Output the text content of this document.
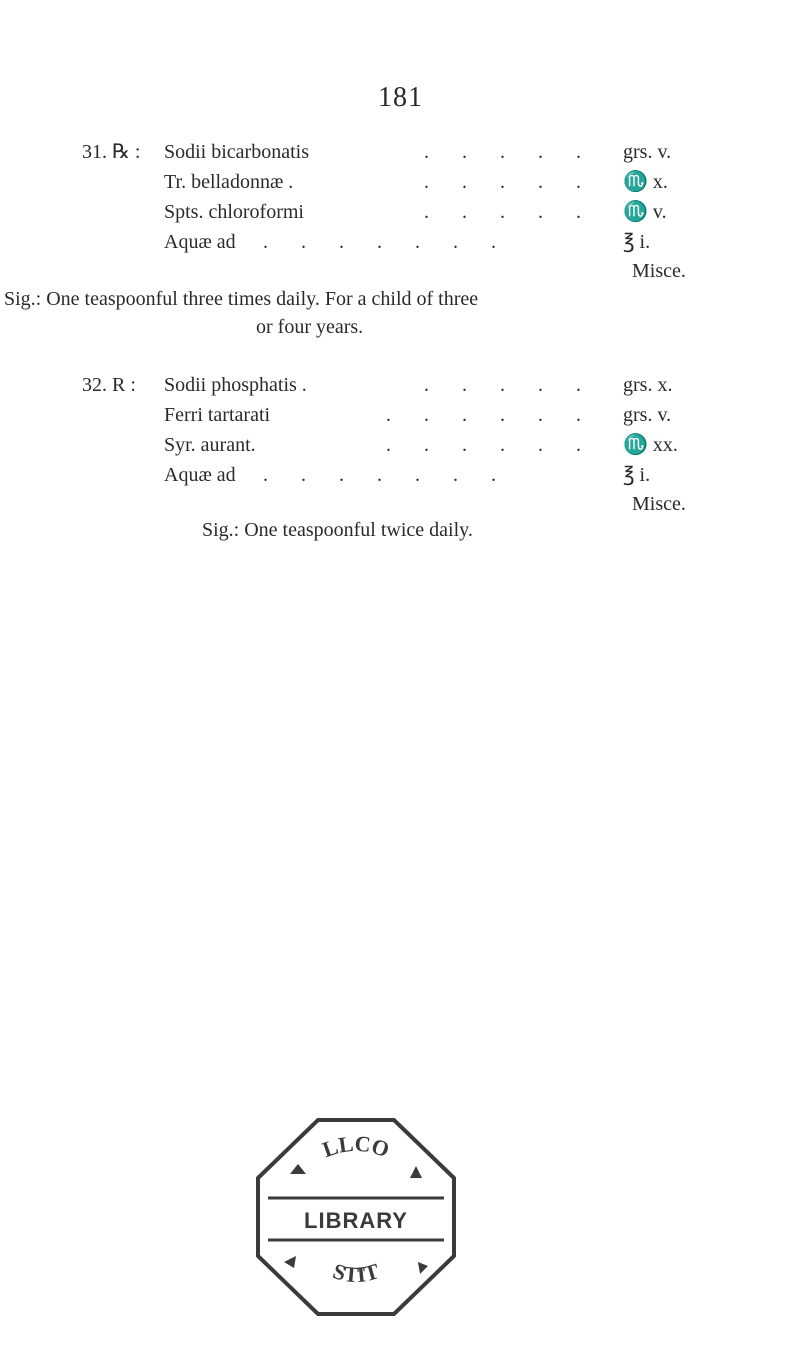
181
31. ℞ : Sodii bicarbonatis	. . . . . grs. v.
Tr. belladonnæ .	. . . . . ♏ x.
Spts. chloroformi	. . . . . ♏ v.
Aquæ ad . . . . . . .	℥ i.
Misce.
Sig.: One teaspoonful three times daily. For a child of three
or four years.
32. R : Sodii phosphatis .	. . . . . grs. x.
Ferri tartarati	. . . . . . grs. v.
Syr. aurant.	. . . . . . ♏ xx.
Aquæ ad . . . . . . .	℥ i.
Misce.
Sig.: One teaspoonful twice daily.
LLCO
STIT
LIBRARY
